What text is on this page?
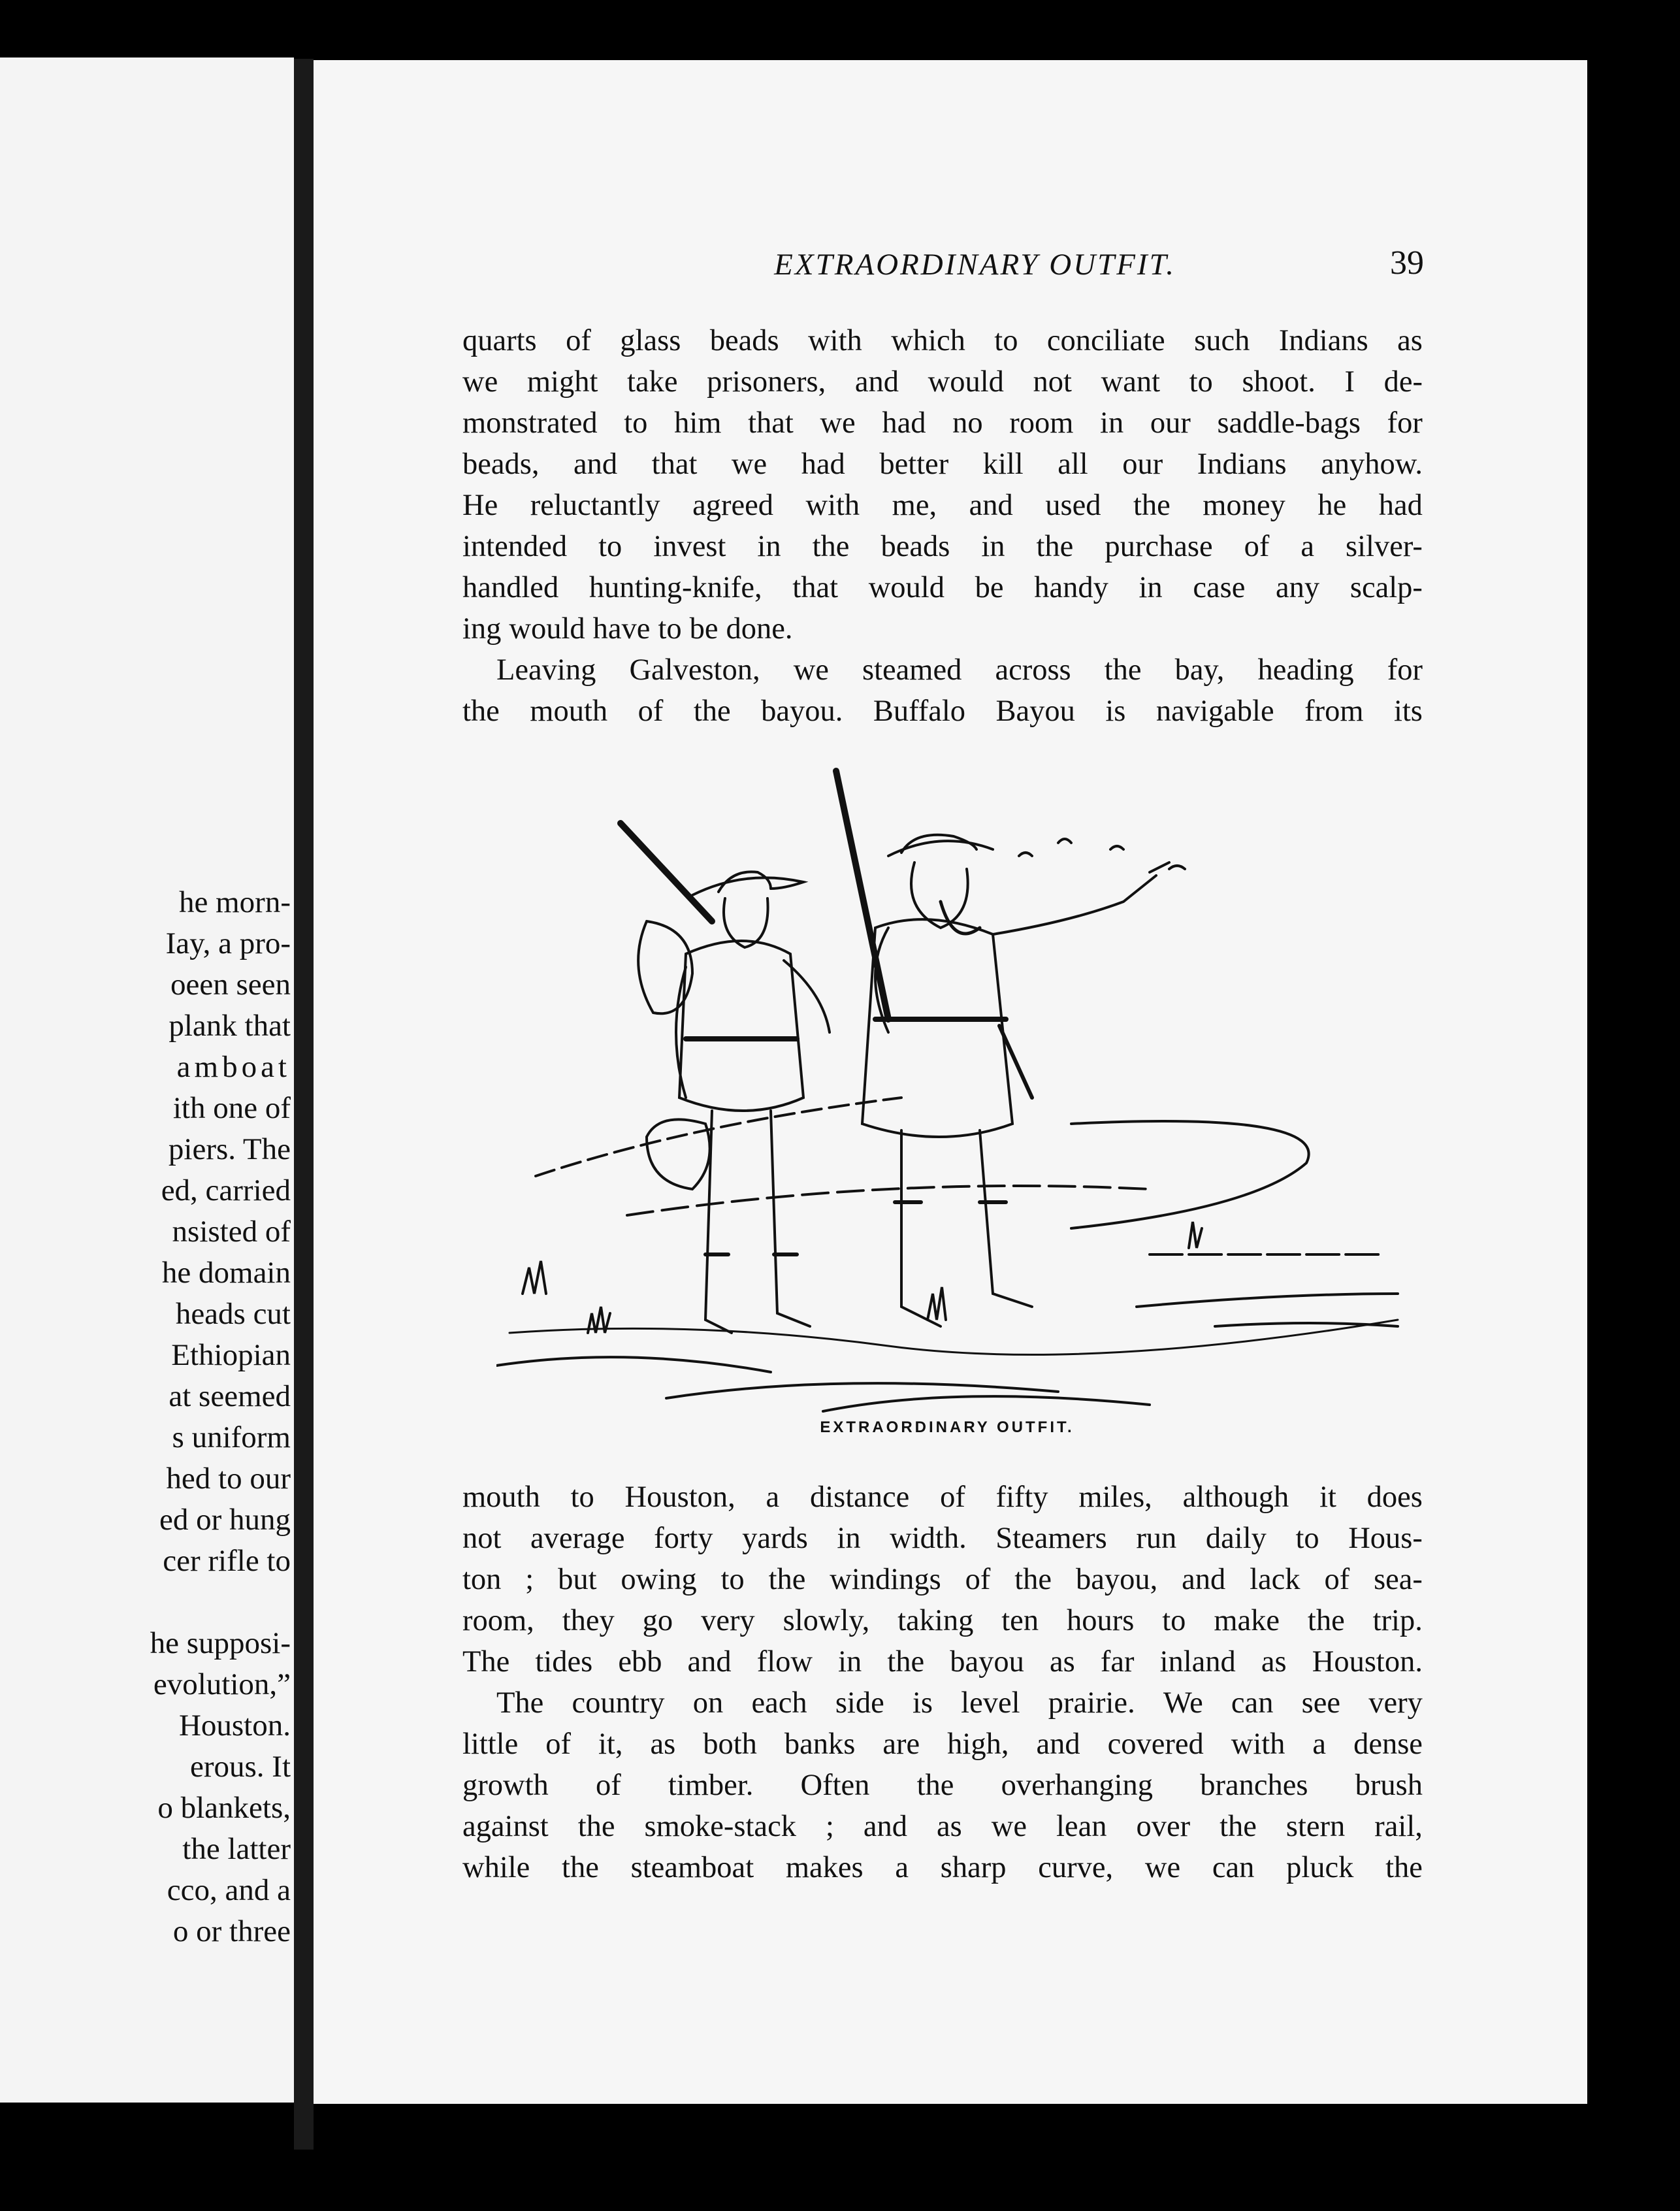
he morn-
Iay, a pro-
oeen seen
plank that
amboat
ith one of
piers. The
ed, carried
nsisted of
he domain
heads cut
Ethiopian
at seemed
s uniform
hed to our
ed or hung
cer rifle to
he supposi-
evolution,”
Houston.
erous. It
o blankets,
the latter
cco, and a
o or three
EXTRAORDINARY OUTFIT.	39
quarts of glass beads with which to conciliate such Indians as
we might take prisoners, and would not want to shoot. I de-
monstrated to him that we had no room in our saddle-bags for
beads, and that we had better kill all our Indians anyhow.
He reluctantly agreed with me, and used the money he had
intended to invest in the beads in the purchase of a silver-
handled hunting-knife, that would be handy in case any scalp-
ing would have to be done.
Leaving Galveston, we steamed across the bay, heading for
the mouth of the bayou. Buffalo Bayou is navigable from its
EXTRAORDINARY OUTFIT.
mouth to Houston, a distance of fifty miles, although it does
not average forty yards in width. Steamers run daily to Hous-
ton ; but owing to the windings of the bayou, and lack of sea-
room, they go very slowly, taking ten hours to make the trip.
The tides ebb and flow in the bayou as far inland as Houston.
The country on each side is level prairie. We can see very
little of it, as both banks are high, and covered with a dense
growth of timber. Often the overhanging branches brush
against the smoke-stack ; and as we lean over the stern rail,
while the steamboat makes a sharp curve, we can pluck the
